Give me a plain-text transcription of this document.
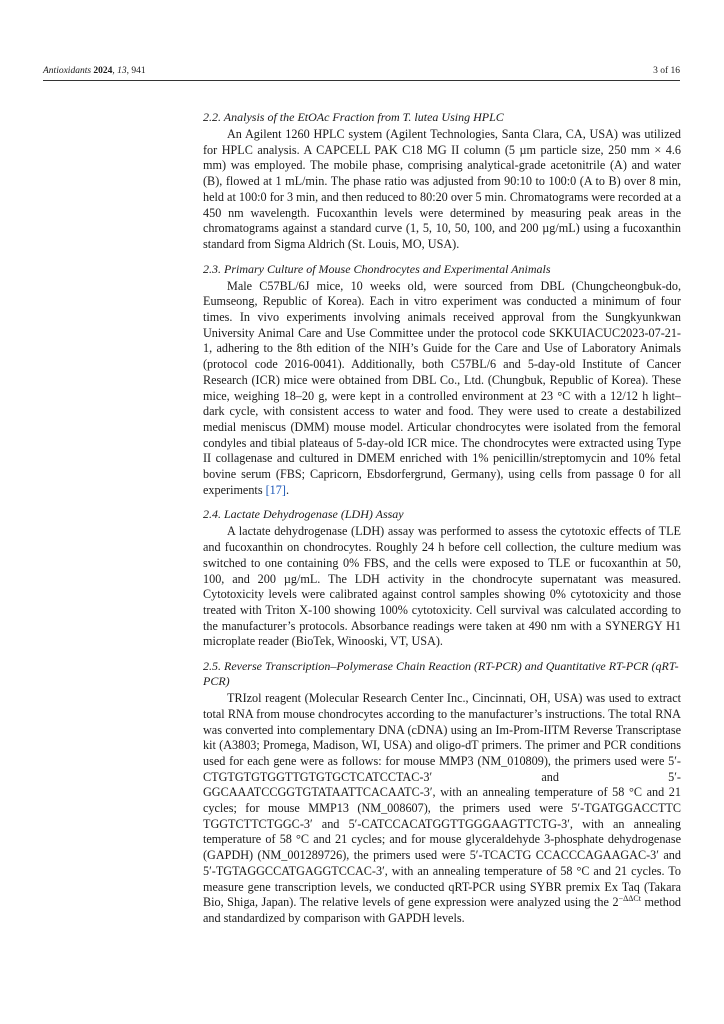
Antioxidants 2024, 13, 941	3 of 16
2.2. Analysis of the EtOAc Fraction from T. lutea Using HPLC

An Agilent 1260 HPLC system (Agilent Technologies, Santa Clara, CA, USA) was utilized for HPLC analysis. A CAPCELL PAK C18 MG II column (5 µm particle size, 250 mm × 4.6 mm) was employed. The mobile phase, comprising analytical-grade acetonitrile (A) and water (B), flowed at 1 mL/min. The phase ratio was adjusted from 90:10 to 100:0 (A to B) over 8 min, held at 100:0 for 3 min, and then reduced to 80:20 over 5 min. Chromatograms were recorded at a 450 nm wavelength. Fucoxanthin levels were determined by measuring peak areas in the chromatograms against a standard curve (1, 5, 10, 50, 100, and 200 µg/mL) using a fucoxanthin standard from Sigma Aldrich (St. Louis, MO, USA).

2.3. Primary Culture of Mouse Chondrocytes and Experimental Animals

Male C57BL/6J mice, 10 weeks old, were sourced from DBL (Chungcheongbuk-do, Eumseong, Republic of Korea). Each in vitro experiment was conducted a minimum of four times. In vivo experiments involving animals received approval from the Sungkyunkwan University Animal Care and Use Committee under the protocol code SKKUIACUC2023-07-21-1, adhering to the 8th edition of the NIH’s Guide for the Care and Use of Laboratory Animals (protocol code 2016-0041). Additionally, both C57BL/6 and 5-day-old Institute of Cancer Research (ICR) mice were obtained from DBL Co., Ltd. (Chungbuk, Republic of Korea). These mice, weighing 18–20 g, were kept in a controlled environment at 23 °C with a 12/12 h light–dark cycle, with consistent access to water and food. They were used to create a destabilized medial meniscus (DMM) mouse model. Articular chondrocytes were isolated from the femoral condyles and tibial plateaus of 5-day-old ICR mice. The chondrocytes were extracted using Type II collagenase and cultured in DMEM enriched with 1% penicillin/streptomycin and 10% fetal bovine serum (FBS; Capricorn, Ebsdorfergrund, Germany), using cells from passage 0 for all experiments [17].

2.4. Lactate Dehydrogenase (LDH) Assay

A lactate dehydrogenase (LDH) assay was performed to assess the cytotoxic effects of TLE and fucoxanthin on chondrocytes. Roughly 24 h before cell collection, the culture medium was switched to one containing 0% FBS, and the cells were exposed to TLE or fucoxanthin at 50, 100, and 200 µg/mL. The LDH activity in the chondrocyte supernatant was measured. Cytotoxicity levels were calibrated against control samples showing 0% cytotoxicity and those treated with Triton X-100 showing 100% cytotoxicity. Cell survival was calculated according to the manufacturer’s protocols. Absorbance readings were taken at 490 nm with a SYNERGY H1 microplate reader (BioTek, Winooski, VT, USA).

2.5. Reverse Transcription–Polymerase Chain Reaction (RT-PCR) and Quantitative RT-PCR (qRT-PCR)

TRIzol reagent (Molecular Research Center Inc., Cincinnati, OH, USA) was used to extract total RNA from mouse chondrocytes according to the manufacturer’s instructions. The total RNA was converted into complementary DNA (cDNA) using an Im-Prom-IITM Reverse Transcriptase kit (A3803; Promega, Madison, WI, USA) and oligo-dT primers. The primer and PCR conditions used for each gene were as follows: for mouse MMP3 (NM_010809), the primers used were 5′-CTGTGTGTGGTTGTGTGCTCATCCTAC-3′ and 5′-GGCAAATCCGGTGTATAATTCACAATC-3′, with an annealing temperature of 58 °C and 21 cycles; for mouse MMP13 (NM_008607), the primers used were 5′-TGATGGACCTTC TGGTCTTCTGGC-3′ and 5′-CATCCACATGGTTGGGAAGTTCTG-3′, with an annealing temperature of 58 °C and 21 cycles; and for mouse glyceraldehyde 3-phosphate dehydrogenase (GAPDH) (NM_001289726), the primers used were 5′-TCACTG CCACCCAGAAGAC-3′ and 5′-TGTAGGCCATGAGGTCCAC-3′, with an annealing temperature of 58 °C and 21 cycles. To measure gene transcription levels, we conducted qRT-PCR using SYBR premix Ex Taq (Takara Bio, Shiga, Japan). The relative levels of gene expression were analyzed using the $2^{-\Delta\Delta Ct}$ method and standardized by comparison with GAPDH levels.
